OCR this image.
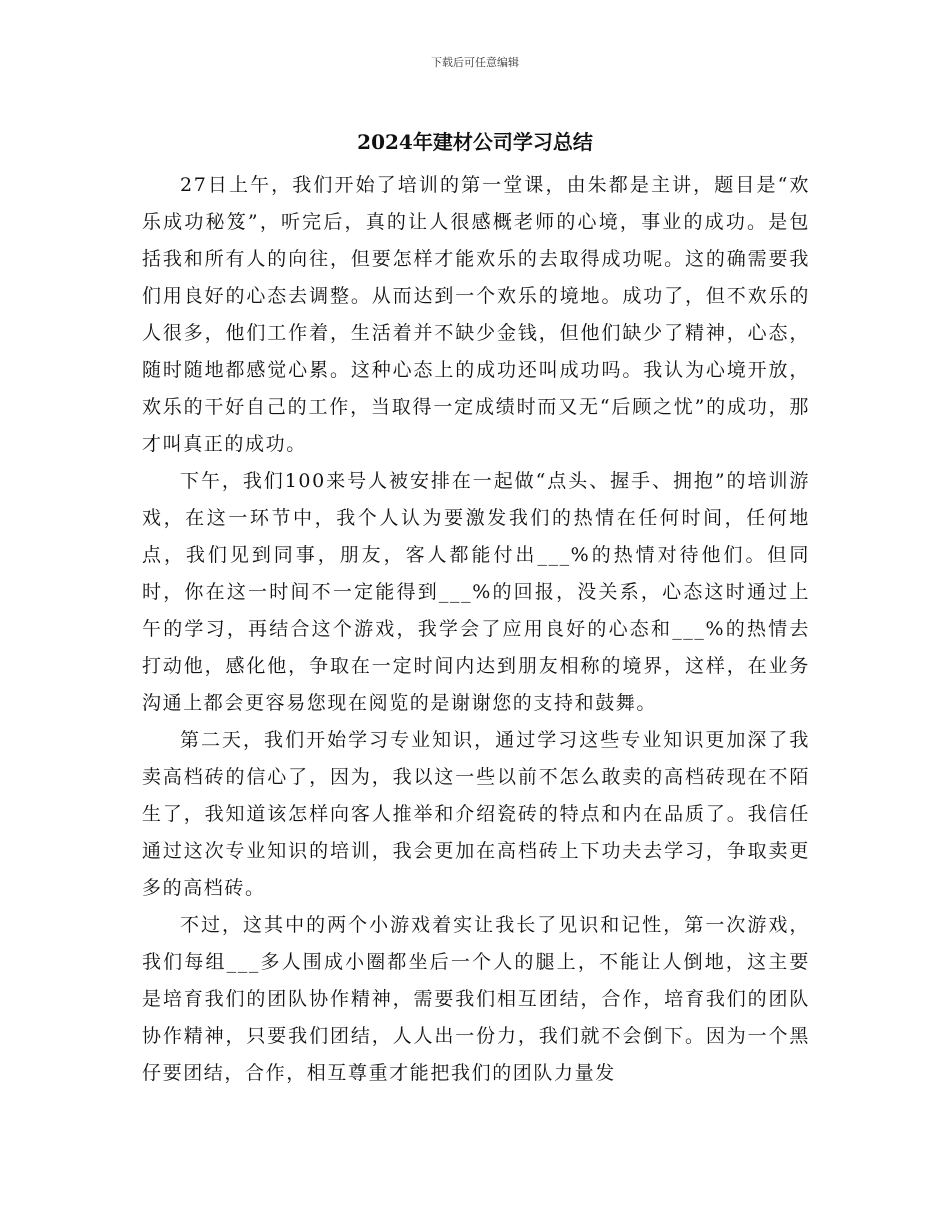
下载后可任意编辑
2024年建材公司学习总结

27日上午，我们开始了培训的第一堂课，由朱都是主讲，题目是“欢乐成功秘笈”，听完后，真的让人很感概老师的心境，事业的成功。是包括我和所有人的向往，但要怎样才能欢乐的去取得成功呢。这的确需要我们用良好的心态去调整。从而达到一个欢乐的境地。成功了，但不欢乐的人很多，他们工作着，生活着并不缺少金钱，但他们缺少了精神，心态，随时随地都感觉心累。这种心态上的成功还叫成功吗。我认为心境开放，欢乐的干好自己的工作，当取得一定成绩时而又无“后顾之忧”的成功，那才叫真正的成功。

下午，我们100来号人被安排在一起做“点头、握手、拥抱”的培训游戏，在这一环节中，我个人认为要激发我们的热情在任何时间，任何地点，我们见到同事，朋友，客人都能付出___%的热情对待他们。但同时，你在这一时间不一定能得到___%的回报，没关系，心态这时通过上午的学习，再结合这个游戏，我学会了应用良好的心态和___%的热情去打动他，感化他，争取在一定时间内达到朋友相称的境界，这样，在业务沟通上都会更容易您现在阅览的是谢谢您的支持和鼓舞。

第二天，我们开始学习专业知识，通过学习这些专业知识更加深了我卖高档砖的信心了，因为，我以这一些以前不怎么敢卖的高档砖现在不陌生了，我知道该怎样向客人推举和介绍瓷砖的特点和内在品质了。我信任通过这次专业知识的培训，我会更加在高档砖上下功夫去学习，争取卖更多的高档砖。

不过，这其中的两个小游戏着实让我长了见识和记性，第一次游戏，我们每组___多人围成小圈都坐后一个人的腿上，不能让人倒地，这主要是培育我们的团队协作精神，需要我们相互团结，合作，培育我们的团队协作精神，只要我们团结，人人出一份力，我们就不会倒下。因为一个黑仔要团结，合作，相互尊重才能把我们的团队力量发
